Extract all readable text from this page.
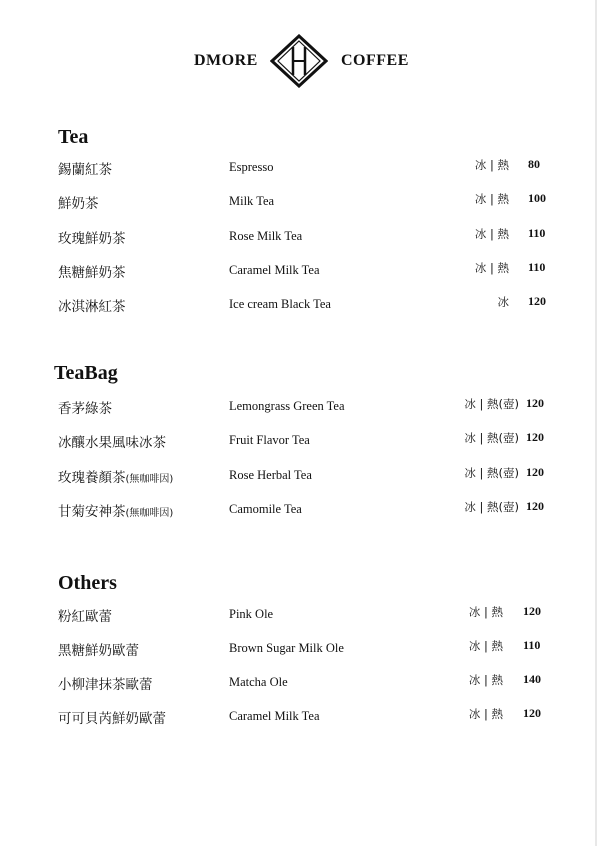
DMORE	COFFEE
Tea
錫蘭紅茶	Espresso	冰 | 熱 80
鮮奶茶	Milk Tea	冰 | 熱 100
玫瑰鮮奶茶	Rose Milk Tea	冰 | 熱 110
焦糖鮮奶茶	Caramel Milk Tea	冰 | 熱 110
冰淇淋紅茶	Ice cream Black Tea	冰 120
TeaBag
香茅綠茶	Lemongrass Green Tea	冰 | 熱(壺) 120
冰釀水果風味冰茶	Fruit Flavor Tea	冰 | 熱(壺) 120
玫瑰養顏茶(無咖啡因)	Rose Herbal Tea	冰 | 熱(壺) 120
甘菊安神茶(無咖啡因)	Camomile Tea	冰 | 熱(壺) 120
Others
粉紅歐蕾	Pink Ole	冰 | 熱 120
黑糖鮮奶歐蕾	Brown Sugar Milk Ole	冰 | 熱 110
小柳津抹茶歐蕾	Matcha Ole	冰 | 熱 140
可可貝芮鮮奶歐蕾	Caramel Milk Tea	冰 | 熱 120
